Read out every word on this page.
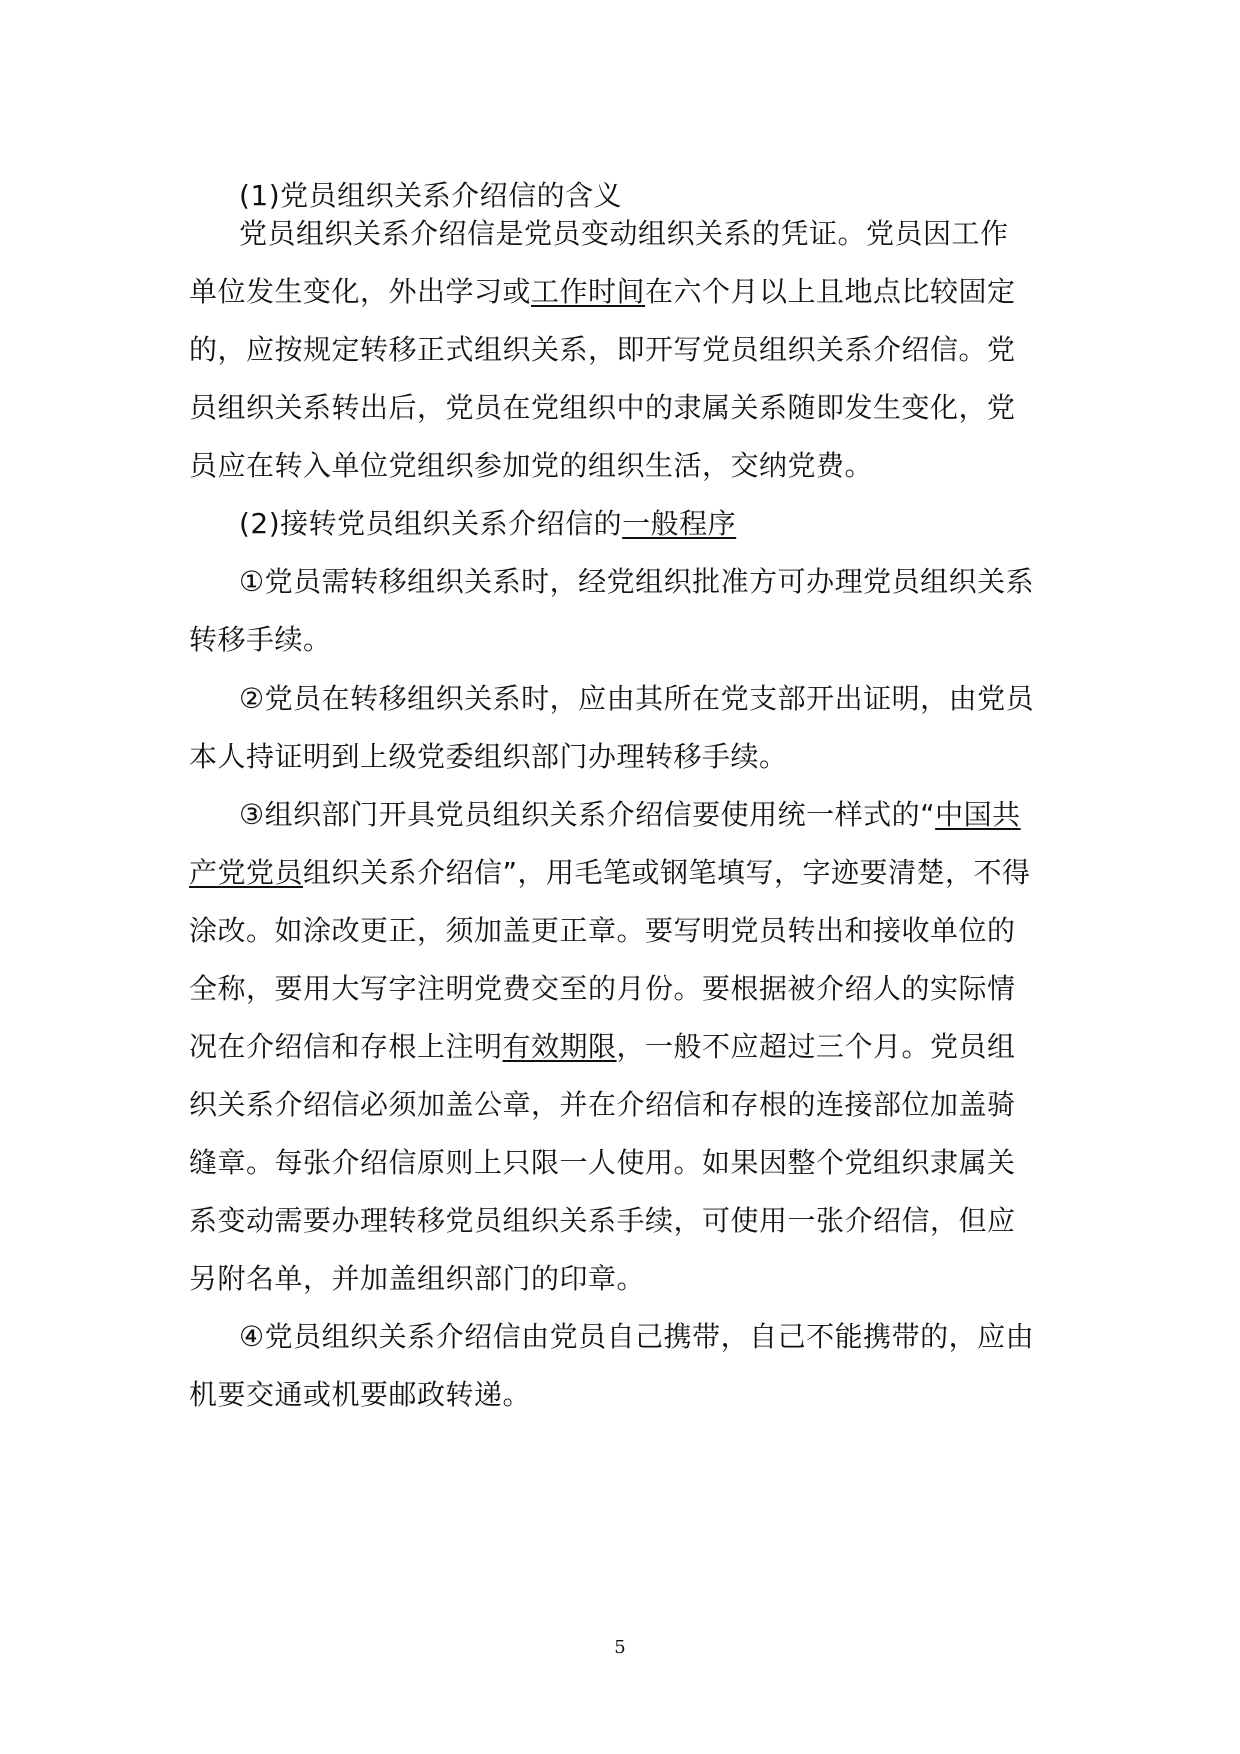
(1)党员组织关系介绍信的含义

党员组织关系介绍信是党员变动组织关系的凭证。党员因工作

单位发生变化，外出学习或工作时间在六个月以上且地点比较固定

的，应按规定转移正式组织关系，即开写党员组织关系介绍信。党

员组织关系转出后，党员在党组织中的隶属关系随即发生变化，党

员应在转入单位党组织参加党的组织生活，交纳党费。

(2)接转党员组织关系介绍信的一般程序

①党员需转移组织关系时，经党组织批准方可办理党员组织关系

转移手续。

②党员在转移组织关系时，应由其所在党支部开出证明，由党员

本人持证明到上级党委组织部门办理转移手续。

③组织部门开具党员组织关系介绍信要使用统一样式的“中国共

产党党员组织关系介绍信”，用毛笔或钢笔填写，字迹要清楚，不得

涂改。如涂改更正，须加盖更正章。要写明党员转出和接收单位的

全称，要用大写字注明党费交至的月份。要根据被介绍人的实际情

况在介绍信和存根上注明有效期限，一般不应超过三个月。党员组

织关系介绍信必须加盖公章，并在介绍信和存根的连接部位加盖骑

缝章。每张介绍信原则上只限一人使用。如果因整个党组织隶属关

系变动需要办理转移党员组织关系手续，可使用一张介绍信，但应

另附名单，并加盖组织部门的印章。

④党员组织关系介绍信由党员自己携带，自己不能携带的，应由

机要交通或机要邮政转递。

5
